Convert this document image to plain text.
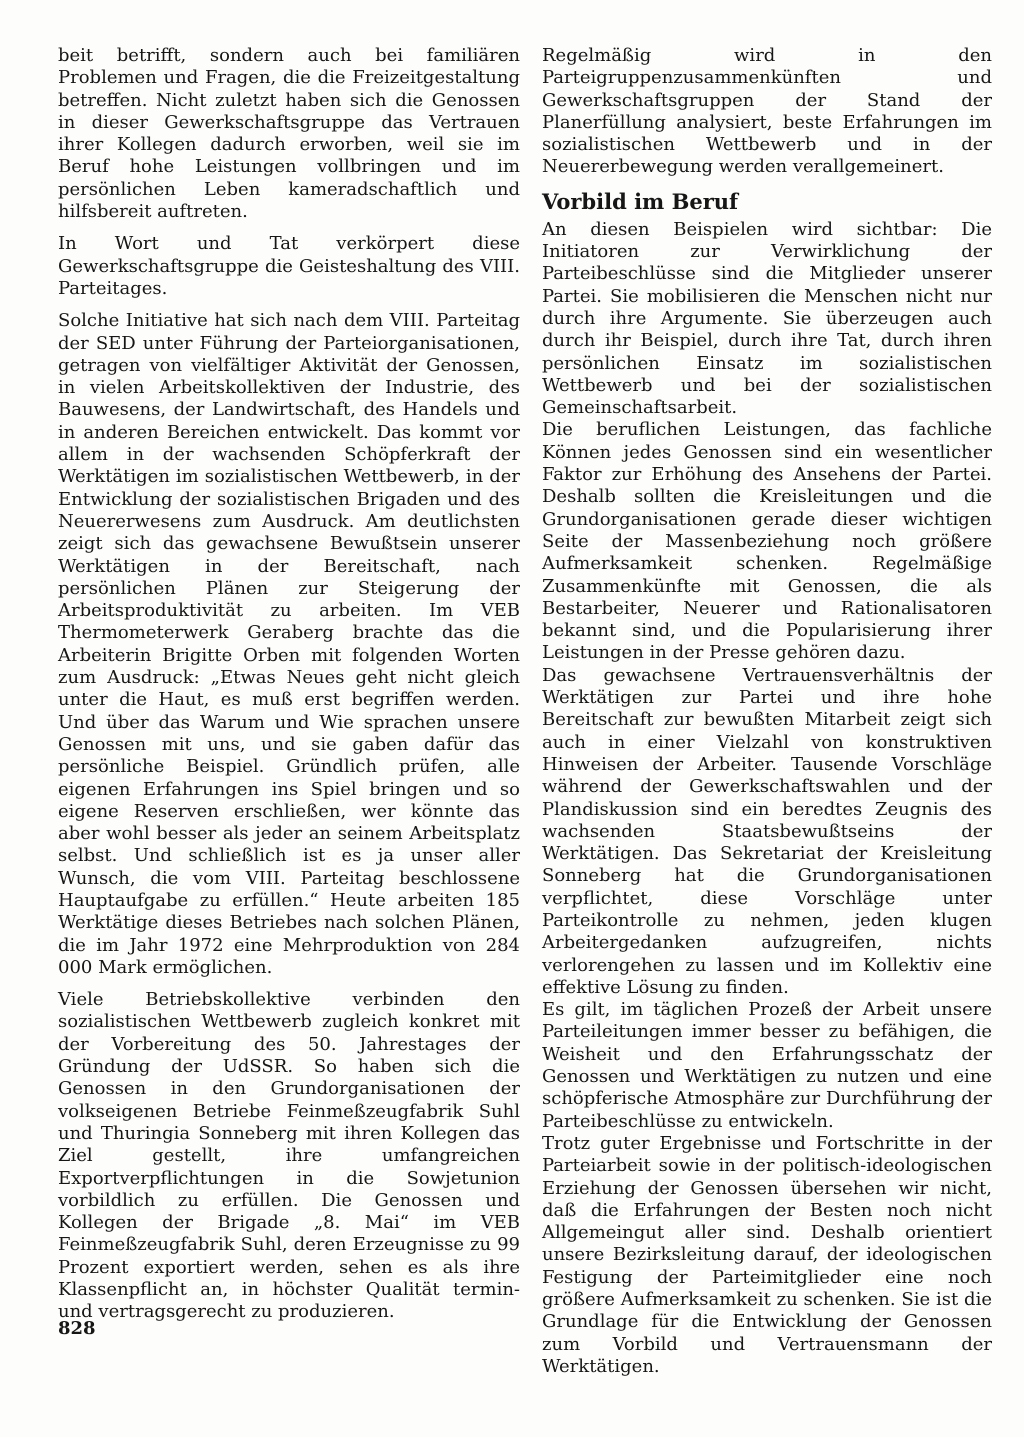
beit betrifft, sondern auch bei familiären Problemen und Fragen, die die Freizeitgestaltung betreffen. Nicht zuletzt haben sich die Genossen in dieser Gewerkschaftsgruppe das Vertrauen ihrer Kollegen dadurch erworben, weil sie im Beruf hohe Leistungen vollbringen und im persönlichen Leben kameradschaftlich und hilfsbereit auftreten.

In Wort und Tat verkörpert diese Gewerkschaftsgruppe die Geisteshaltung des VIII. Parteitages.

Solche Initiative hat sich nach dem VIII. Parteitag der SED unter Führung der Parteiorganisationen, getragen von vielfältiger Aktivität der Genossen, in vielen Arbeitskollektiven der Industrie, des Bauwesens, der Landwirtschaft, des Handels und in anderen Bereichen entwickelt. Das kommt vor allem in der wachsenden Schöpferkraft der Werktätigen im sozialistischen Wettbewerb, in der Entwicklung der sozialistischen Brigaden und des Neuererwesens zum Ausdruck. Am deutlichsten zeigt sich das gewachsene Bewußtsein unserer Werktätigen in der Bereitschaft, nach persönlichen Plänen zur Steigerung der Arbeitsproduktivität zu arbeiten. Im VEB Thermometerwerk Geraberg brachte das die Arbeiterin Brigitte Orben mit folgenden Worten zum Ausdruck: „Etwas Neues geht nicht gleich unter die Haut, es muß erst begriffen werden. Und über das Warum und Wie sprachen unsere Genossen mit uns, und sie gaben dafür das persönliche Beispiel. Gründlich prüfen, alle eigenen Erfahrungen ins Spiel bringen und so eigene Reserven erschließen, wer könnte das aber wohl besser als jeder an seinem Arbeitsplatz selbst. Und schließlich ist es ja unser aller Wunsch, die vom VIII. Parteitag beschlossene Hauptaufgabe zu erfüllen.“ Heute arbeiten 185 Werktätige dieses Betriebes nach solchen Plänen, die im Jahr 1972 eine Mehrproduktion von 284 000 Mark ermöglichen.

Viele Betriebskollektive verbinden den sozialistischen Wettbewerb zugleich konkret mit der Vorbereitung des 50. Jahrestages der Gründung der UdSSR. So haben sich die Genossen in den Grundorganisationen der volkseigenen Betriebe Feinmeßzeugfabrik Suhl und Thuringia Sonneberg mit ihren Kollegen das Ziel gestellt, ihre umfangreichen Exportverpflichtungen in die Sowjetunion vorbildlich zu erfüllen. Die Genossen und Kollegen der Brigade „8. Mai“ im VEB Feinmeßzeugfabrik Suhl, deren Erzeugnisse zu 99 Prozent exportiert werden, sehen es als ihre Klassenpflicht an, in höchster Qualität termin- und vertragsgerecht zu produzieren.

Regelmäßig wird in den Parteigruppenzusammenkünften und Gewerkschaftsgruppen der Stand der Planerfüllung analysiert, beste Erfahrungen im sozialistischen Wettbewerb und in der Neuererbewegung werden verallgemeinert.

Vorbild im Beruf

An diesen Beispielen wird sichtbar: Die Initiatoren zur Verwirklichung der Parteibeschlüsse sind die Mitglieder unserer Partei. Sie mobilisieren die Menschen nicht nur durch ihre Argumente. Sie überzeugen auch durch ihr Beispiel, durch ihre Tat, durch ihren persönlichen Einsatz im sozialistischen Wettbewerb und bei der sozialistischen Gemeinschaftsarbeit.

Die beruflichen Leistungen, das fachliche Können jedes Genossen sind ein wesentlicher Faktor zur Erhöhung des Ansehens der Partei. Deshalb sollten die Kreisleitungen und die Grundorganisationen gerade dieser wichtigen Seite der Massenbeziehung noch größere Aufmerksamkeit schenken. Regelmäßige Zusammenkünfte mit Genossen, die als Bestarbeiter, Neuerer und Rationalisatoren bekannt sind, und die Popularisierung ihrer Leistungen in der Presse gehören dazu.

Das gewachsene Vertrauensverhältnis der Werktätigen zur Partei und ihre hohe Bereitschaft zur bewußten Mitarbeit zeigt sich auch in einer Vielzahl von konstruktiven Hinweisen der Arbeiter. Tausende Vorschläge während der Gewerkschaftswahlen und der Plandiskussion sind ein beredtes Zeugnis des wachsenden Staatsbewußtseins der Werktätigen. Das Sekretariat der Kreisleitung Sonneberg hat die Grundorganisationen verpflichtet, diese Vorschläge unter Parteikontrolle zu nehmen, jeden klugen Arbeitergedanken aufzugreifen, nichts verlorengehen zu lassen und im Kollektiv eine effektive Lösung zu finden.

Es gilt, im täglichen Prozeß der Arbeit unsere Parteileitungen immer besser zu befähigen, die Weisheit und den Erfahrungsschatz der Genossen und Werktätigen zu nutzen und eine schöpferische Atmosphäre zur Durchführung der Parteibeschlüsse zu entwickeln.

Trotz guter Ergebnisse und Fortschritte in der Parteiarbeit sowie in der politisch-ideologischen Erziehung der Genossen übersehen wir nicht, daß die Erfahrungen der Besten noch nicht Allgemeingut aller sind. Deshalb orientiert unsere Bezirksleitung darauf, der ideologischen Festigung der Parteimitglieder eine noch größere Aufmerksamkeit zu schenken. Sie ist die Grundlage für die Entwicklung der Genossen zum Vorbild und Vertrauensmann der Werktätigen.

828
